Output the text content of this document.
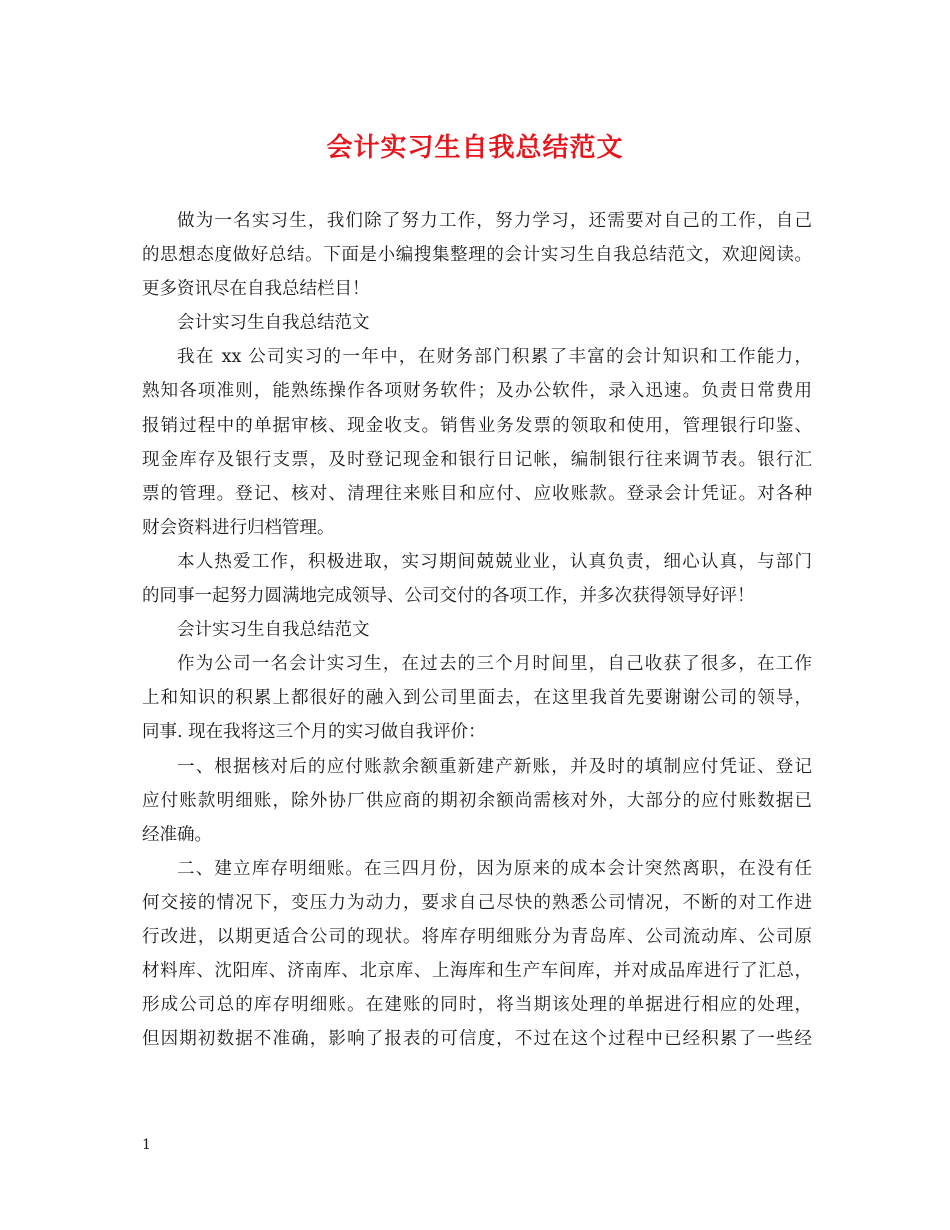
会计实习生自我总结范文
做为一名实习生，我们除了努力工作，努力学习，还需要对自己的工作，自己
的思想态度做好总结。下面是小编搜集整理的会计实习生自我总结范文，欢迎阅读。
更多资讯尽在自我总结栏目！
会计实习生自我总结范文
我在 xx 公司实习的一年中，在财务部门积累了丰富的会计知识和工作能力，
熟知各项准则，能熟练操作各项财务软件；及办公软件，录入迅速。负责日常费用
报销过程中的单据审核、现金收支。销售业务发票的领取和使用，管理银行印鉴、
现金库存及银行支票，及时登记现金和银行日记帐，编制银行往来调节表。银行汇
票的管理。登记、核对、清理往来账目和应付、应收账款。登录会计凭证。对各种
财会资料进行归档管理。
本人热爱工作，积极进取，实习期间兢兢业业，认真负责，细心认真，与部门
的同事一起努力圆满地完成领导、公司交付的各项工作，并多次获得领导好评！
会计实习生自我总结范文
作为公司一名会计实习生，在过去的三个月时间里，自己收获了很多，在工作
上和知识的积累上都很好的融入到公司里面去，在这里我首先要谢谢公司的领导，
同事. 现在我将这三个月的实习做自我评价：
一、根据核对后的应付账款余额重新建产新账，并及时的填制应付凭证、登记
应付账款明细账，除外协厂供应商的期初余额尚需核对外，大部分的应付账数据已
经准确。
二、建立库存明细账。在三四月份，因为原来的成本会计突然离职，在没有任
何交接的情况下，变压力为动力，要求自己尽快的熟悉公司情况，不断的对工作进
行改进，以期更适合公司的现状。将库存明细账分为青岛库、公司流动库、公司原
材料库、沈阳库、济南库、北京库、上海库和生产车间库，并对成品库进行了汇总，
形成公司总的库存明细账。在建账的同时，将当期该处理的单据进行相应的处理，
但因期初数据不准确，影响了报表的可信度，不过在这个过程中已经积累了一些经
1
